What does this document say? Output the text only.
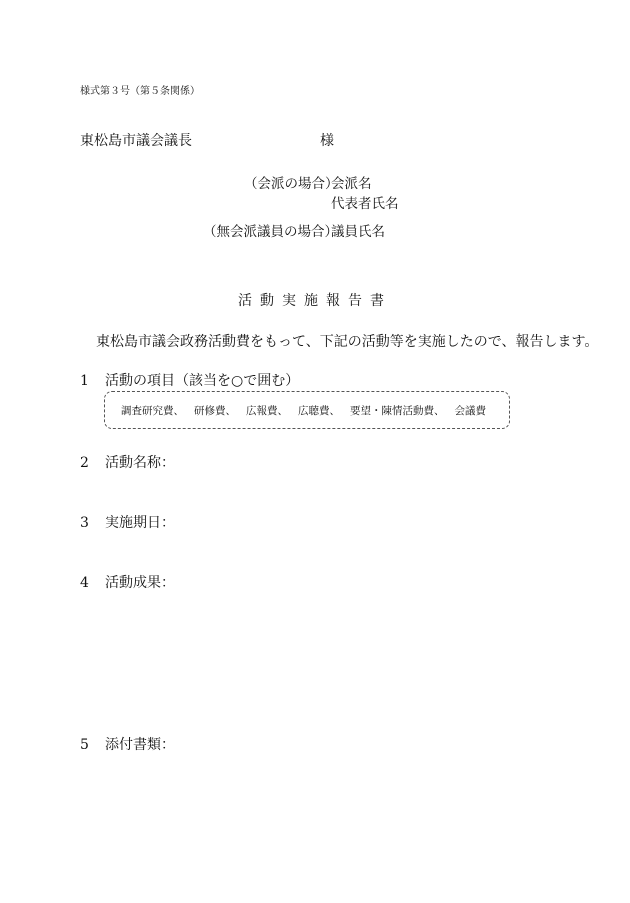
様式第３号（第５条関係）
東松島市議会議長	様
（会派の場合）
会派名
代表者氏名
（無会派議員の場合）
議員氏名
活動実施報告書
東松島市議会政務活動費をもって、下記の活動等を実施したので、報告します。
1 活動の項目（該当を○で囲む）
調査研究費、 研修費、 広報費、 広聴費、 要望・陳情活動費、 会議費
2 活動名称：
3 実施期日：
4 活動成果：
5 添付書類：
